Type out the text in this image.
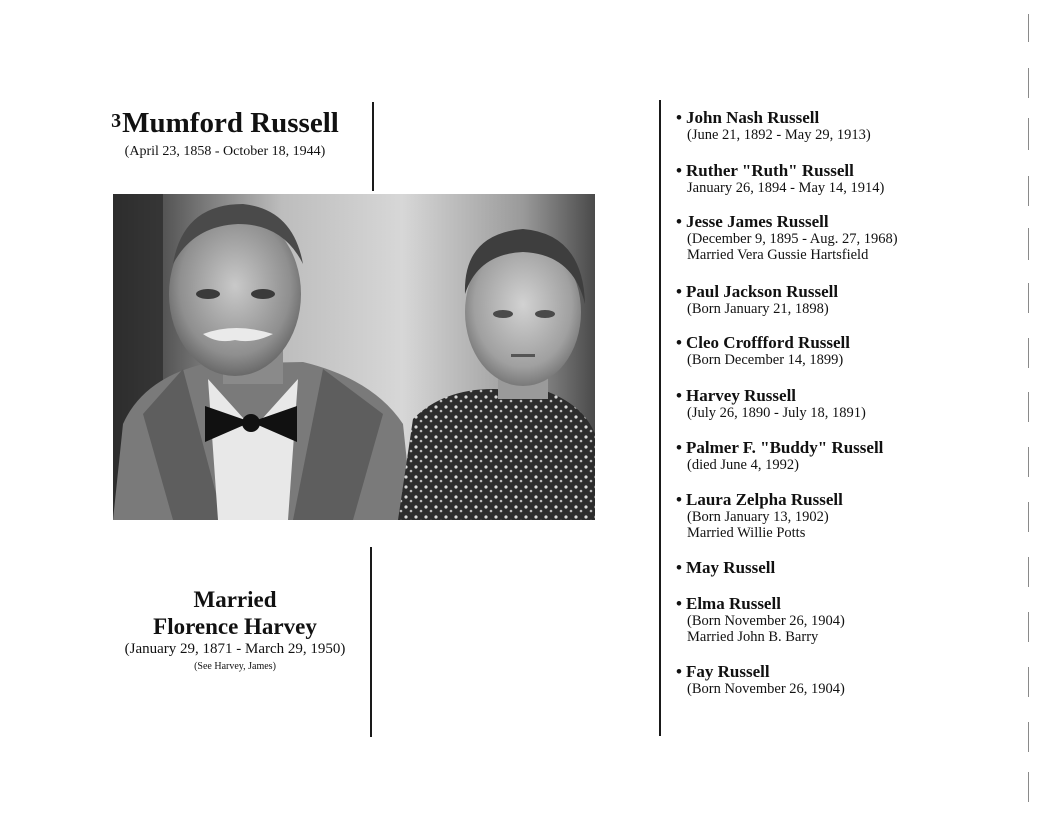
$^3$Mumford Russell
(April 23, 1858 - October 18, 1944)
Married
Florence Harvey
(January 29, 1871 - March 29, 1950)
(See Harvey, James)
• John Nash Russell
(June 21, 1892 - May 29, 1913)
• Ruther "Ruth" Russell
January 26, 1894 - May 14, 1914)
• Jesse James Russell
(December 9, 1895 - Aug. 27, 1968)
Married Vera Gussie Hartsfield
• Paul Jackson Russell
(Born January 21, 1898)
• Cleo Croffford Russell
(Born December 14, 1899)
• Harvey Russell
(July 26, 1890 - July 18, 1891)
• Palmer F. "Buddy" Russell
(died June 4, 1992)
• Laura Zelpha Russell
(Born January 13, 1902)
Married Willie Potts
• May Russell
• Elma Russell
(Born November 26, 1904)
Married John B. Barry
• Fay Russell
(Born November 26, 1904)
